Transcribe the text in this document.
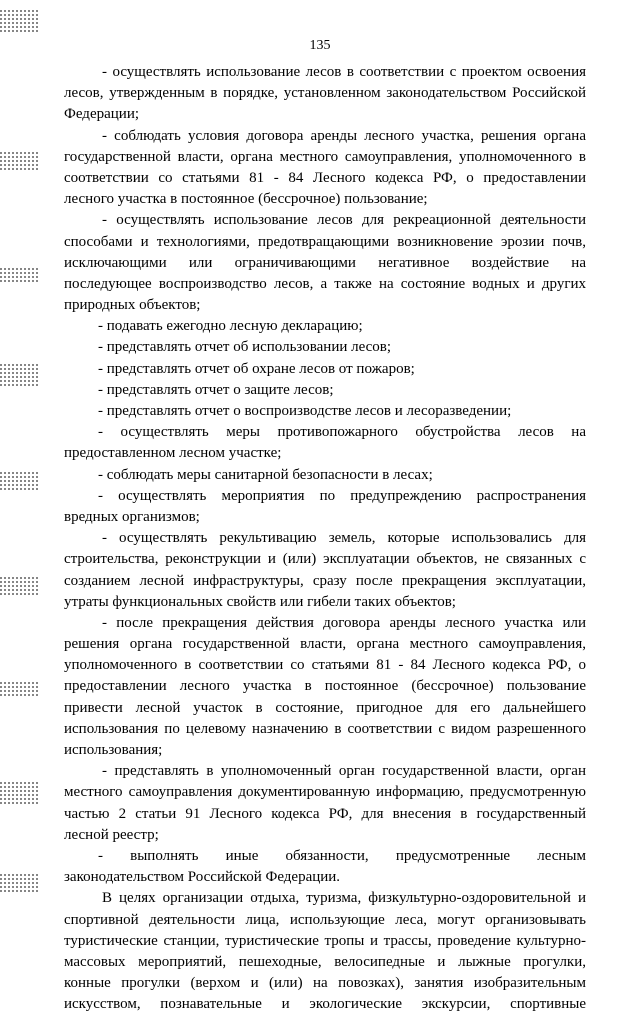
135
- осуществлять использование лесов в соответствии с проектом освоения
лесов, утвержденным в порядке, установленном законодательством Российской
Федерации;
- соблюдать условия договора аренды лесного участка, решения органа
государственной власти, органа местного самоуправления, уполномоченного в
соответствии со статьями 81 - 84 Лесного кодекса РФ, о предоставлении
лесного участка в постоянное (бессрочное) пользование;
- осуществлять использование лесов для рекреационной деятельности
способами и технологиями, предотвращающими возникновение эрозии почв,
исключающими или ограничивающими негативное воздействие на
последующее воспроизводство лесов, а также на состояние водных и других
природных объектов;
- подавать ежегодно лесную декларацию;
- представлять отчет об использовании лесов;
- представлять отчет об охране лесов от пожаров;
- представлять отчет о защите лесов;
- представлять отчет о воспроизводстве лесов и лесоразведении;
- осуществлять меры противопожарного обустройства лесов на
предоставленном лесном участке;
- соблюдать меры санитарной безопасности в лесах;
- осуществлять мероприятия по предупреждению распространения
вредных организмов;
- осуществлять рекультивацию земель, которые использовались для
строительства, реконструкции и (или) эксплуатации объектов, не связанных с
созданием лесной инфраструктуры, сразу после прекращения эксплуатации,
утраты функциональных свойств или гибели таких объектов;
- после прекращения действия договора аренды лесного участка или
решения органа государственной власти, органа местного самоуправления,
уполномоченного в соответствии со статьями 81 - 84 Лесного кодекса РФ, о
предоставлении лесного участка в постоянное (бессрочное) пользование
привести лесной участок в состояние, пригодное для его дальнейшего
использования по целевому назначению в соответствии с видом разрешенного
использования;
- представлять в уполномоченный орган государственной власти, орган
местного самоуправления документированную информацию, предусмотренную
частью 2 статьи 91 Лесного кодекса РФ, для внесения в государственный
лесной реестр;
- выполнять иные обязанности, предусмотренные лесным
законодательством Российской Федерации.
В целях организации отдыха, туризма, физкультурно-оздоровительной и
спортивной деятельности лица, использующие леса, могут организовывать
туристические станции, туристические тропы и трассы, проведение культурно-
массовых мероприятий, пешеходные, велосипедные и лыжные прогулки,
конные прогулки (верхом и (или) на повозках), занятия изобразительным
искусством, познавательные и экологические экскурсии, спортивные
